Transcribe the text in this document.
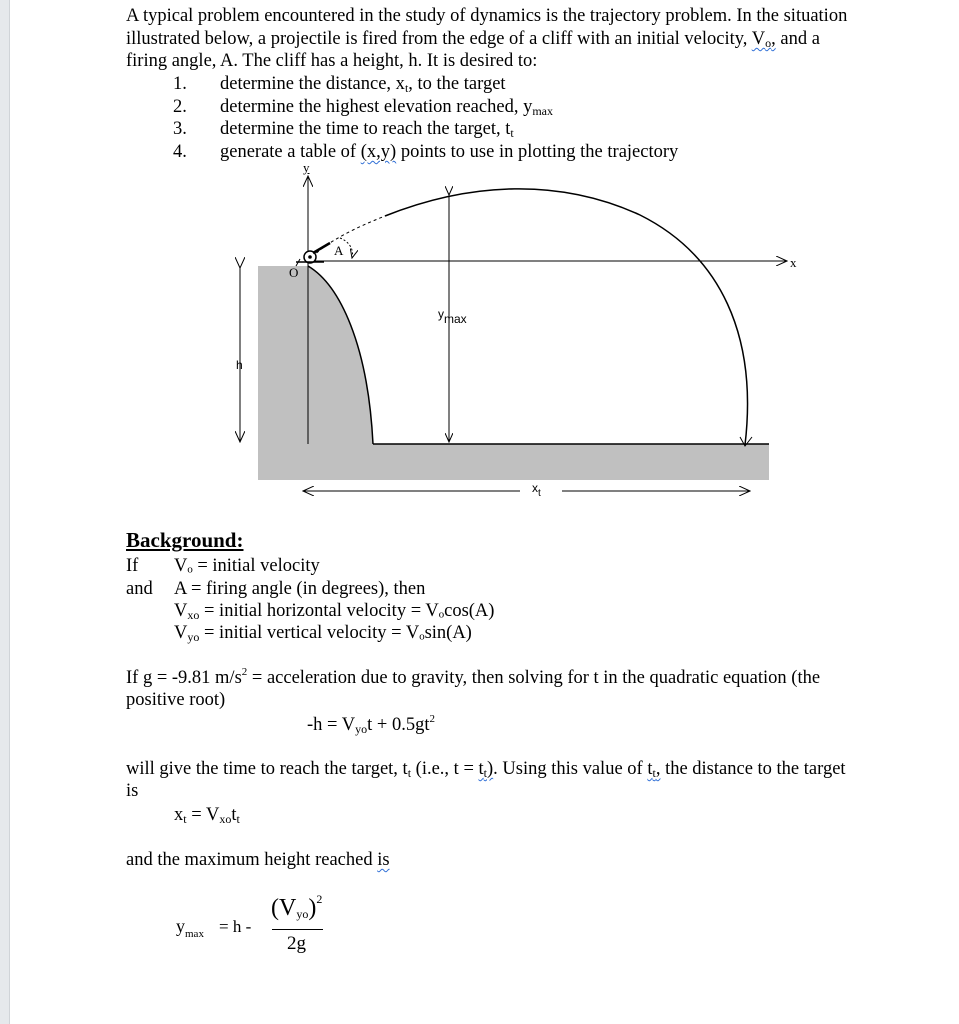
A typical problem encountered in the study of dynamics is the trajectory problem. In the situation
illustrated below, a projectile is fired from the edge of a cliff with an initial velocity, Vo, and a
firing angle, A. The cliff has a height, h. It is desired to:
1. determine the distance, xt, to the target
2. determine the highest elevation reached, ymax
3. determine the time to reach the target, tt
4. generate a table of (x,y) points to use in plotting the trajectory
y
x
O
A
ymax
h
$x_t$
Background:
If Vₒ = initial velocity
and A = firing angle (in degrees), then
Vxo = initial horizontal velocity = Vₒcos(A)
Vyo = initial vertical velocity = Vₒsin(A)
If g = -9.81 $m/s^2$ = acceleration due to gravity, then solving for t in the quadratic equation (the
positive root)
-h = Vyot + $0.5gt^2$
will give the time to reach the target, tt (i.e., t = tt). Using this value of tt, the distance to the target
is
xt = Vxott
and the maximum height reached is
$y_{max} = h$ -
(Vyo)$^2$
2g
